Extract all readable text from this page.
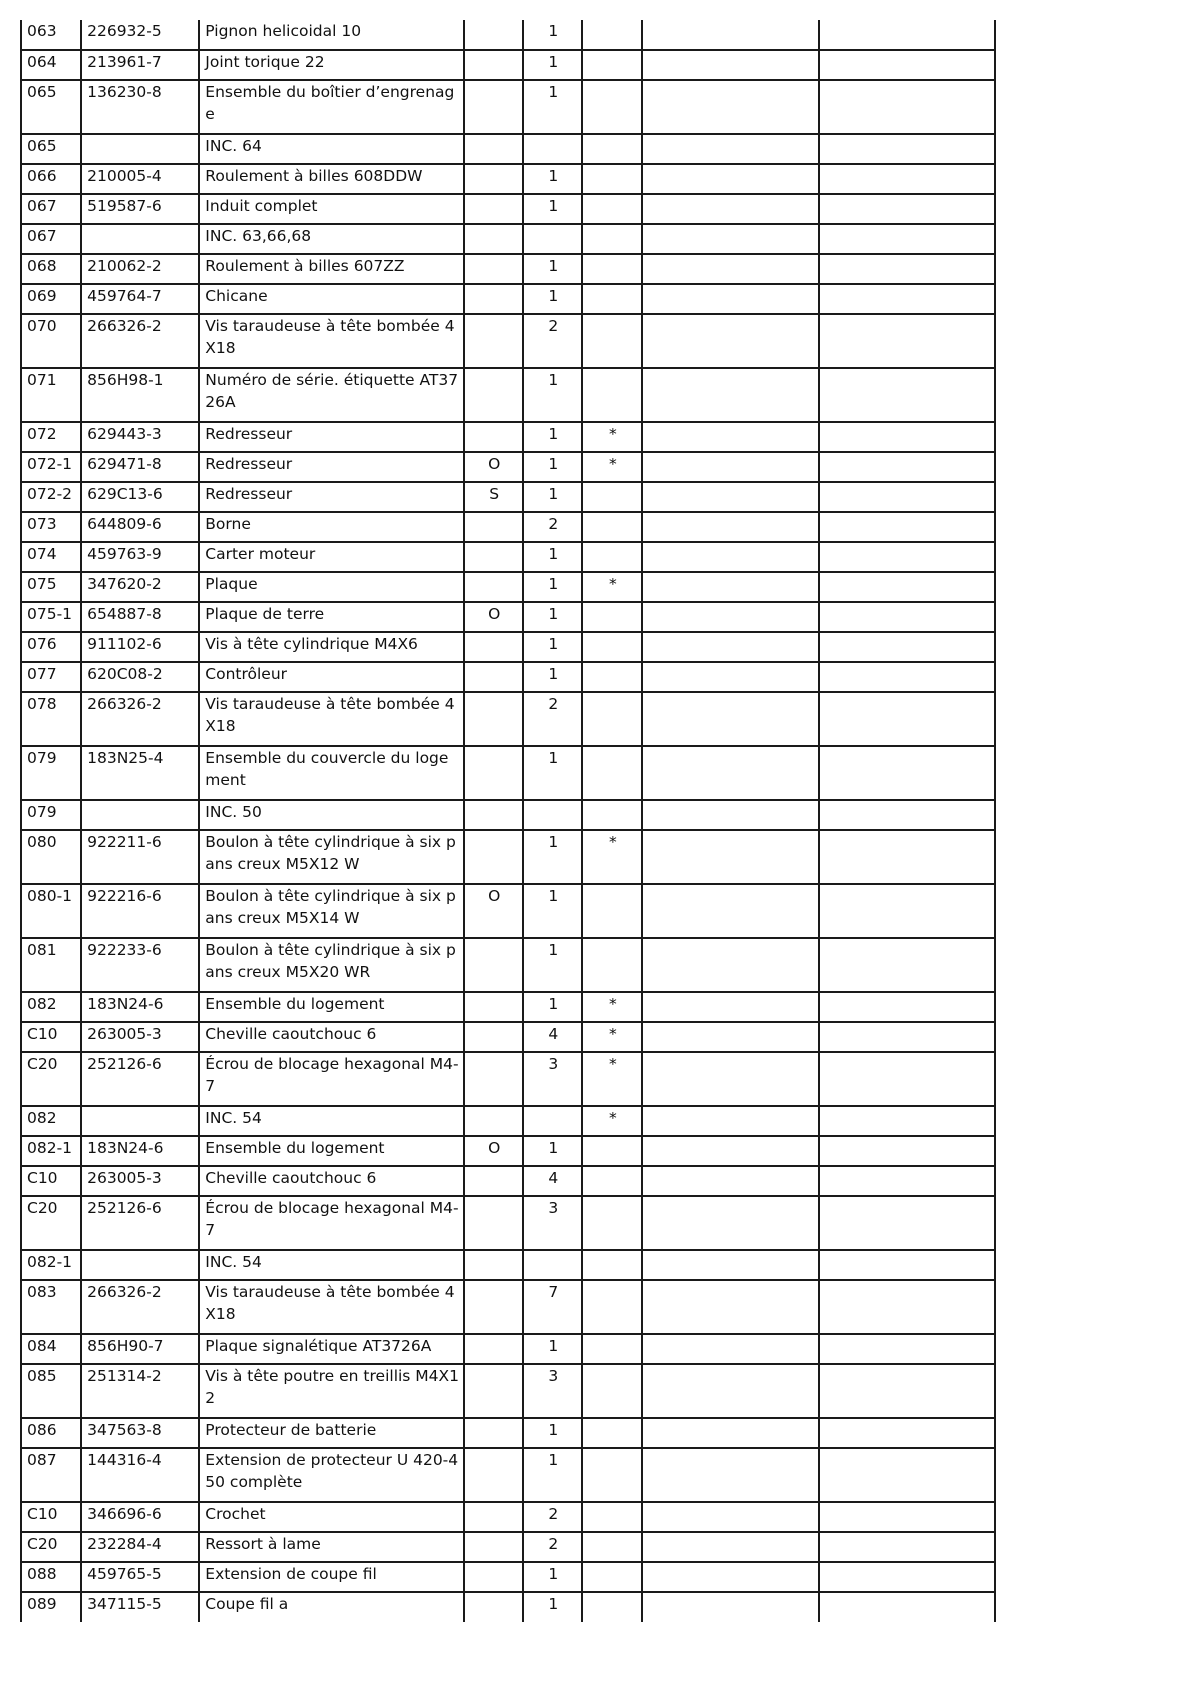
063	226932-5	Pignon helicoidal 10		1			
064	213961-7	Joint torique 22		1			
065	136230-8	Ensemble du boîtier d’engrenage		1			
065		INC. 64					
066	210005-4	Roulement à billes 608DDW		1			
067	519587-6	Induit complet		1			
067		INC. 63,66,68					
068	210062-2	Roulement à billes 607ZZ		1			
069	459764-7	Chicane		1			
070	266326-2	Vis taraudeuse à tête bombée 4X18		2			
071	856H98-1	Numéro de série. étiquette AT3726A		1			
072	629443-3	Redresseur		1	*		
072-1	629471-8	Redresseur	O	1	*		
072-2	629C13-6	Redresseur	S	1			
073	644809-6	Borne		2			
074	459763-9	Carter moteur		1			
075	347620-2	Plaque		1	*		
075-1	654887-8	Plaque de terre	O	1			
076	911102-6	Vis à tête cylindrique M4X6		1			
077	620C08-2	Contrôleur		1			
078	266326-2	Vis taraudeuse à tête bombée 4X18		2			
079	183N25-4	Ensemble du couvercle du logement		1			
079		INC. 50					
080	922211-6	Boulon à tête cylindrique à six pans creux M5X12 W		1	*		
080-1	922216-6	Boulon à tête cylindrique à six pans creux M5X14 W	O	1			
081	922233-6	Boulon à tête cylindrique à six pans creux M5X20 WR		1			
082	183N24-6	Ensemble du logement		1	*		
C10	263005-3	Cheville caoutchouc 6		4	*		
C20	252126-6	Écrou de blocage hexagonal M4-7		3	*		
082		INC. 54			*		
082-1	183N24-6	Ensemble du logement	O	1			
C10	263005-3	Cheville caoutchouc 6		4			
C20	252126-6	Écrou de blocage hexagonal M4-7		3			
082-1		INC. 54					
083	266326-2	Vis taraudeuse à tête bombée 4X18		7			
084	856H90-7	Plaque signalétique AT3726A		1			
085	251314-2	Vis à tête poutre en treillis M4X12		3			
086	347563-8	Protecteur de batterie		1			
087	144316-4	Extension de protecteur U 420-450 complète		1			
C10	346696-6	Crochet		2			
C20	232284-4	Ressort à lame		2			
088	459765-5	Extension de coupe fil		1			
089	347115-5	Coupe fil a		1			
